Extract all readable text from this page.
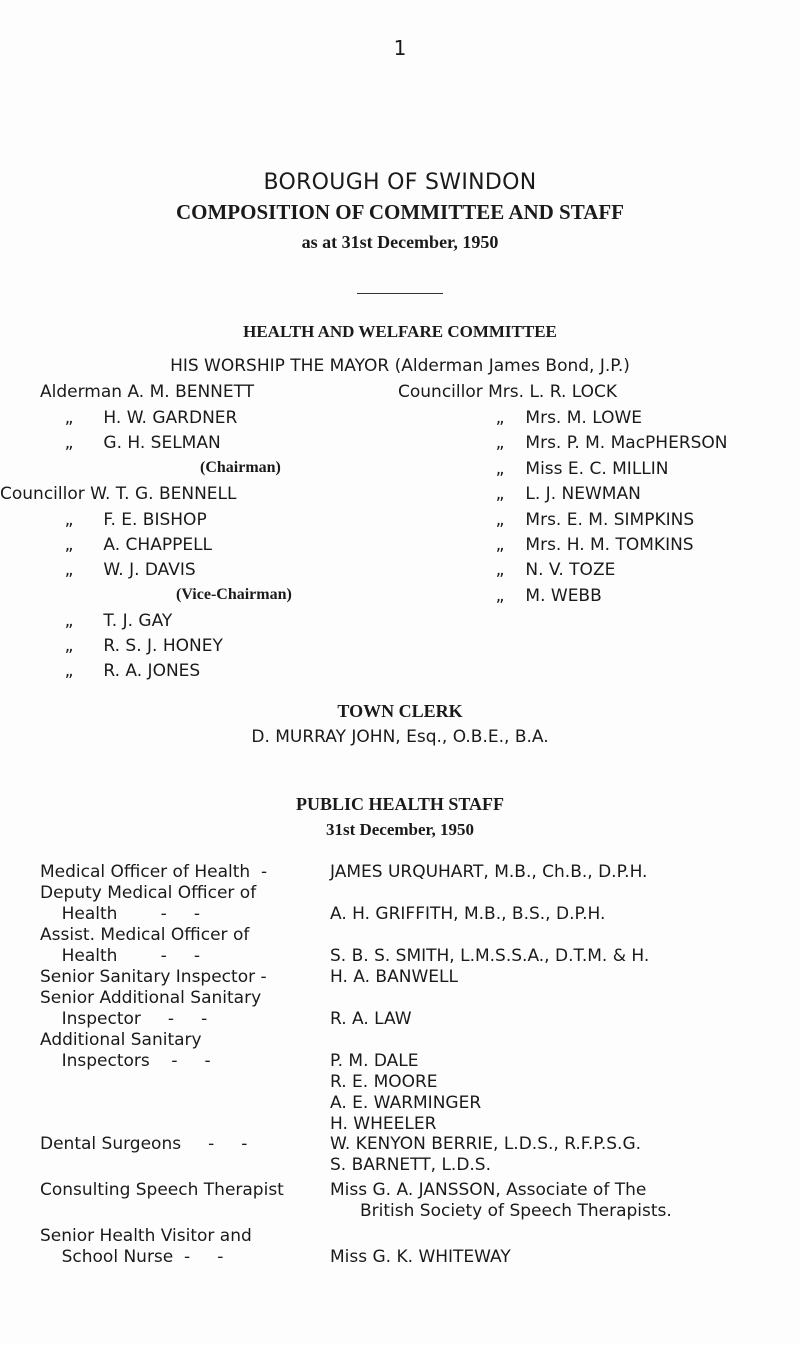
1
BOROUGH OF SWINDON
COMPOSITION OF COMMITTEE AND STAFF
as at 31st December, 1950
HEALTH AND WELFARE COMMITTEE
HIS WORSHIP THE MAYOR (Alderman James Bond, J.P.)
Alderman A. M. BENNETT
„ H. W. GARDNER
„ G. H. SELMAN
(Chairman)
Councillor W. T. G. BENNELL
„ F. E. BISHOP
„ A. CHAPPELL
„ W. J. DAVIS
(Vice-Chairman)
Councillor Mrs. L. R. LOCK
„ Mrs. M. LOWE
„ Mrs. P. M. MacPHERSON
„ Miss E. C. MILLIN
„ L. J. NEWMAN
„ Mrs. E. M. SIMPKINS
„ Mrs. H. M. TOMKINS
„ N. V. TOZE
„ M. WEBB
„ T. J. GAY
„ R. S. J. HONEY
„ R. A. JONES
TOWN CLERK
D. MURRAY JOHN, Esq., O.B.E., B.A.
PUBLIC HEALTH STAFF
31st December, 1950
Medical Officer of Health  -
Deputy Medical Officer of
Health        -     -
Assist. Medical Officer of
Health        -     -
Senior Sanitary Inspector -
Senior Additional Sanitary
Inspector     -     -
Additional Sanitary
Inspectors    -     -
Dental Surgeons     -     -
Consulting Speech Therapist
Senior Health Visitor and
School Nurse  -     -
JAMES URQUHART, M.B., Ch.B., D.P.H.
A. H. GRIFFITH, M.B., B.S., D.P.H.
S. B. S. SMITH, L.M.S.S.A., D.T.M. & H.
H. A. BANWELL
R. A. LAW
P. M. DALE
R. E. MOORE
A. E. WARMINGER
H. WHEELER
W. KENYON BERRIE, L.D.S., R.F.P.S.G.
S. BARNETT, L.D.S.
Miss G. A. JANSSON, Associate of The
British Society of Speech Therapists.
Miss G. K. WHITEWAY
